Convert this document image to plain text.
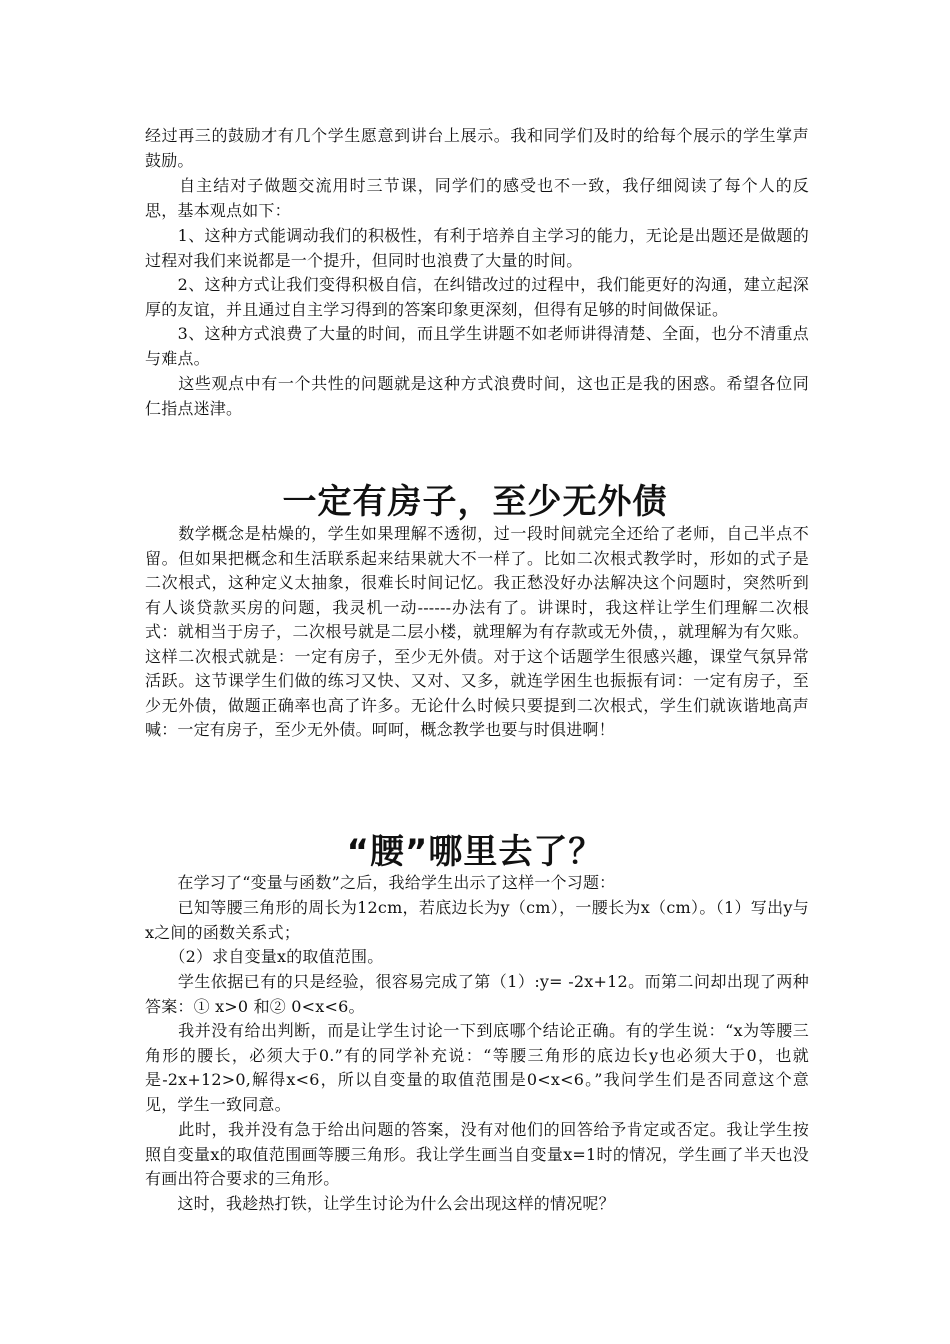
经过再三的鼓励才有几个学生愿意到讲台上展示。我和同学们及时的给每个展示的学生掌声鼓励。

　　自主结对子做题交流用时三节课，同学们的感受也不一致，我仔细阅读了每个人的反思，基本观点如下：

　　1、这种方式能调动我们的积极性，有利于培养自主学习的能力，无论是出题还是做题的过程对我们来说都是一个提升，但同时也浪费了大量的时间。

　　2、这种方式让我们变得积极自信，在纠错改过的过程中，我们能更好的沟通，建立起深厚的友谊，并且通过自主学习得到的答案印象更深刻，但得有足够的时间做保证。

　　3、这种方式浪费了大量的时间，而且学生讲题不如老师讲得清楚、全面，也分不清重点与难点。

　　这些观点中有一个共性的问题就是这种方式浪费时间，这也正是我的困惑。希望各位同仁指点迷津。

一定有房子，至少无外债

　　数学概念是枯燥的，学生如果理解不透彻，过一段时间就完全还给了老师，自己半点不留。但如果把概念和生活联系起来结果就大不一样了。比如二次根式教学时，形如的式子是二次根式，这种定义太抽象，很难长时间记忆。我正愁没好办法解决这个问题时，突然听到有人谈贷款买房的问题，我灵机一动------办法有了。讲课时，我这样让学生们理解二次根式：就相当于房子，二次根号就是二层小楼，就理解为有存款或无外债，，就理解为有欠账。这样二次根式就是：一定有房子，至少无外债。对于这个话题学生很感兴趣，课堂气氛异常活跃。这节课学生们做的练习又快、又对、又多，就连学困生也振振有词：一定有房子，至少无外债，做题正确率也高了许多。无论什么时候只要提到二次根式，学生们就诙谐地高声喊：一定有房子，至少无外债。呵呵，概念教学也要与时俱进啊！

“腰”哪里去了？

　　在学习了“变量与函数”之后，我给学生出示了这样一个习题：

　　已知等腰三角形的周长为12cm，若底边长为y（cm），一腰长为x（cm）。（1）写出y与x之间的函数关系式；

　　（2）求自变量x的取值范围。

　　学生依据已有的只是经验，很容易完成了第（1）:y= -2x+12。而第二问却出现了两种答案：① x>0 和② 0<x<6。

　　我并没有给出判断，而是让学生讨论一下到底哪个结论正确。有的学生说：“x为等腰三角形的腰长，必须大于0.”有的同学补充说：“等腰三角形的底边长y也必须大于0，也就是-2x+12>0,解得x<6，所以自变量的取值范围是0<x<6。”我问学生们是否同意这个意见，学生一致同意。

　　此时，我并没有急于给出问题的答案，没有对他们的回答给予肯定或否定。我让学生按照自变量x的取值范围画等腰三角形。我让学生画当自变量x=1时的情况，学生画了半天也没有画出符合要求的三角形。

　　这时，我趁热打铁，让学生讨论为什么会出现这样的情况呢？
